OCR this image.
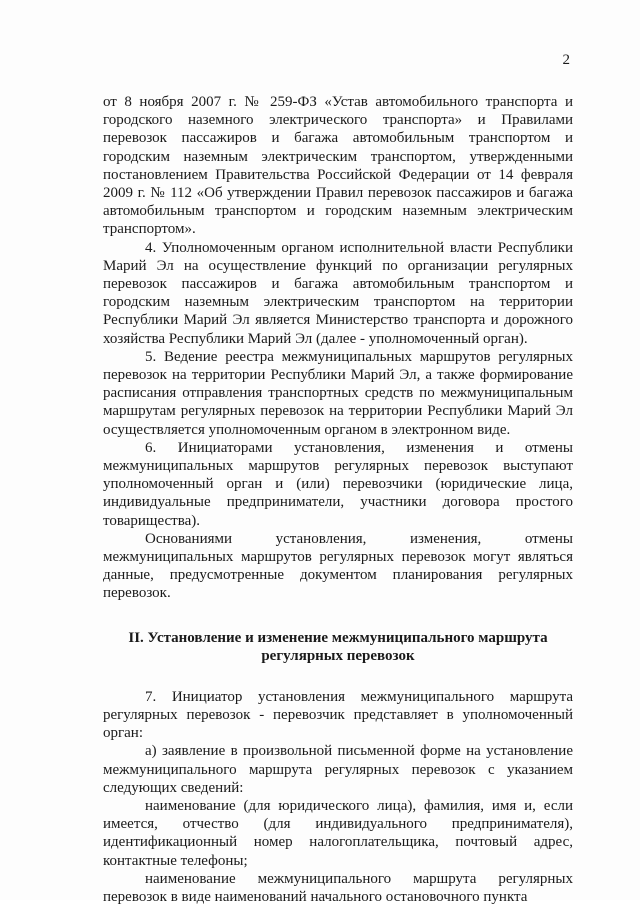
2

от 8 ноября 2007 г. № 259-ФЗ «Устав автомобильного транспорта и городского наземного электрического транспорта» и Правилами перевозок пассажиров и багажа автомобильным транспортом и городским наземным электрическим транспортом, утвержденными постановлением Правительства Российской Федерации от 14 февраля 2009 г. № 112 «Об утверждении Правил перевозок пассажиров и багажа автомобильным транспортом и городским наземным электрическим транспортом».

4. Уполномоченным органом исполнительной власти Республики Марий Эл на осуществление функций по организации регулярных перевозок пассажиров и багажа автомобильным транспортом и городским наземным электрическим транспортом на территории Республики Марий Эл является Министерство транспорта и дорожного хозяйства Республики Марий Эл (далее - уполномоченный орган).

5. Ведение реестра межмуниципальных маршрутов регулярных перевозок на территории Республики Марий Эл, а также формирование расписания отправления транспортных средств по межмуниципальным маршрутам регулярных перевозок на территории Республики Марий Эл осуществляется уполномоченным органом в электронном виде.

6. Инициаторами установления, изменения и отмены межмуниципальных маршрутов регулярных перевозок выступают уполномоченный орган и (или) перевозчики (юридические лица, индивидуальные предприниматели, участники договора простого товарищества).

Основаниями установления, изменения, отмены межмуниципальных маршрутов регулярных перевозок могут являться данные, предусмотренные документом планирования регулярных перевозок.

II. Установление и изменение межмуниципального маршрута
регулярных перевозок

7. Инициатор установления межмуниципального маршрута регулярных перевозок - перевозчик представляет в уполномоченный орган:

а) заявление в произвольной письменной форме на установление межмуниципального маршрута регулярных перевозок с указанием следующих сведений:

наименование (для юридического лица), фамилия, имя и, если имеется, отчество (для индивидуального предпринимателя), идентификационный номер налогоплательщика, почтовый адрес, контактные телефоны;

наименование межмуниципального маршрута регулярных перевозок в виде наименований начального остановочного пункта
